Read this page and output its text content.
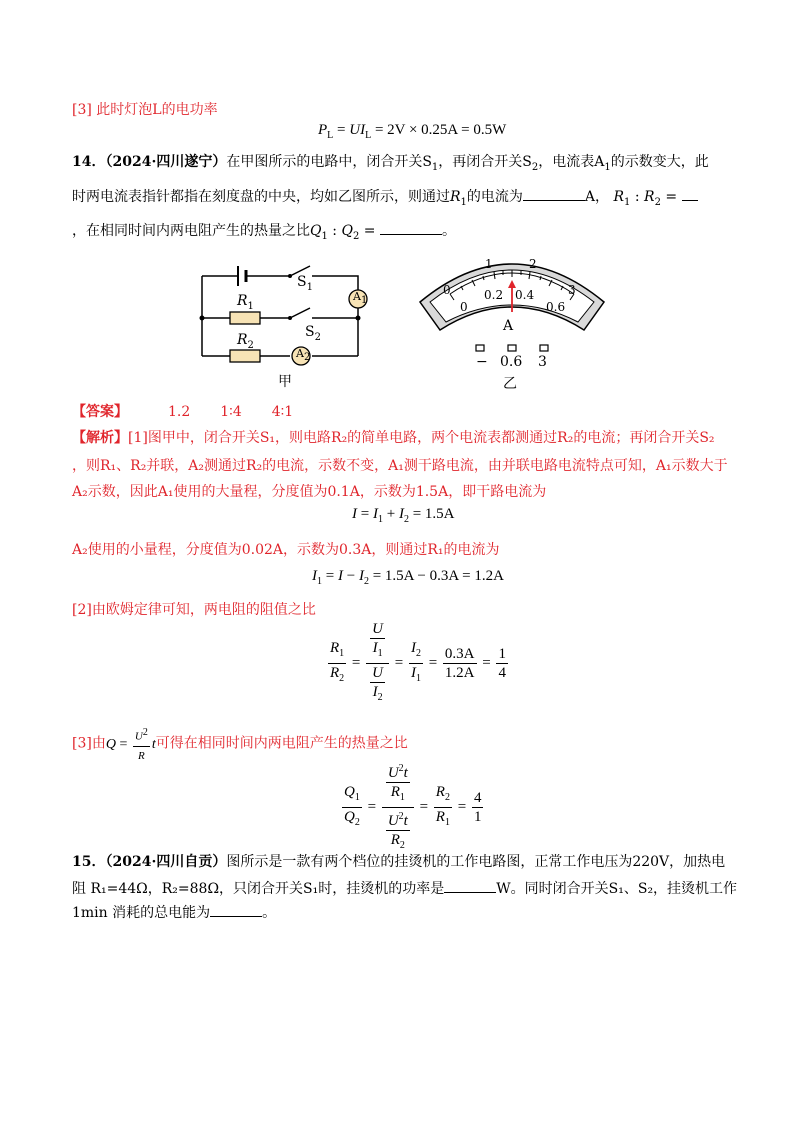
[3] 此时灯泡L的电功率
$P_L = UI_L = 2V \times 0.25A = 0.5W$
14．（2024·四川遂宁）在甲图所示的电路中，闭合开关$S_1$，再闭合开关$S_2$，电流表$A_1$的示数变大，此
时两电流表指针都指在刻度盘的中央，均如乙图所示，则通过$R_1$的电流为	A， $R_1$ : $R_2$ =
，在相同时间内两电阻产生的热量之比$Q_1$ : $Q_2$ =	。
$S_1$
$R_1$
$S_2$
$R_2$
$A_1$
$A_2$
甲
0
1	2
3
0
0.2 0.4
0.6
A
− 0.6 3
乙
【答案】	1.2 1∶4 4∶1
【解析】[1]图甲中，闭合开关S₁，则电路R₂的简单电路，两个电流表都测通过R₂的电流；再闭合开关S₂
，则R₁、R₂并联，A₂测通过R₂的电流，示数不变，A₁测干路电流，由并联电路电流特点可知，A₁示数大于
A₂示数，因此A₁使用的大量程，分度值为0.1A，示数为1.5A，即干路电流为
$I = I_1 + I_2 = 1.5A$
A₂使用的小量程，分度值为0.02A，示数为0.3A，则通过R₁的电流为
$I_1 = I - I_2 = 1.5A - 0.3A = 1.2A$
[2]由欧姆定律可知，两电阻的阻值之比
$\frac{R_1}{R_2} = \frac{\frac{U}{I_1}}{\frac{U}{I_2}} = \frac{I_2}{I_1} = \frac{0.3A}{1.2A} = \frac{1}{4}$
[3]由$Q = \frac{U^2}{R}$ t可得在相同时间内两电阻产生的热量之比
$\frac{Q_1}{Q_2} = \frac{\frac{U^2t}{R_1}}{\frac{U^2t}{R_2}} = \frac{R_2}{R_1} = \frac{4}{1}$
15．（2024·四川自贡）图所示是一款有两个档位的挂烫机的工作电路图，正常工作电压为220V，加热电
阻 R₁=44Ω，R₂=88Ω，只闭合开关S₁时，挂烫机的功率是	W。同时闭合开关S₁、S₂，挂烫机工作
1min 消耗的总电能为	。
